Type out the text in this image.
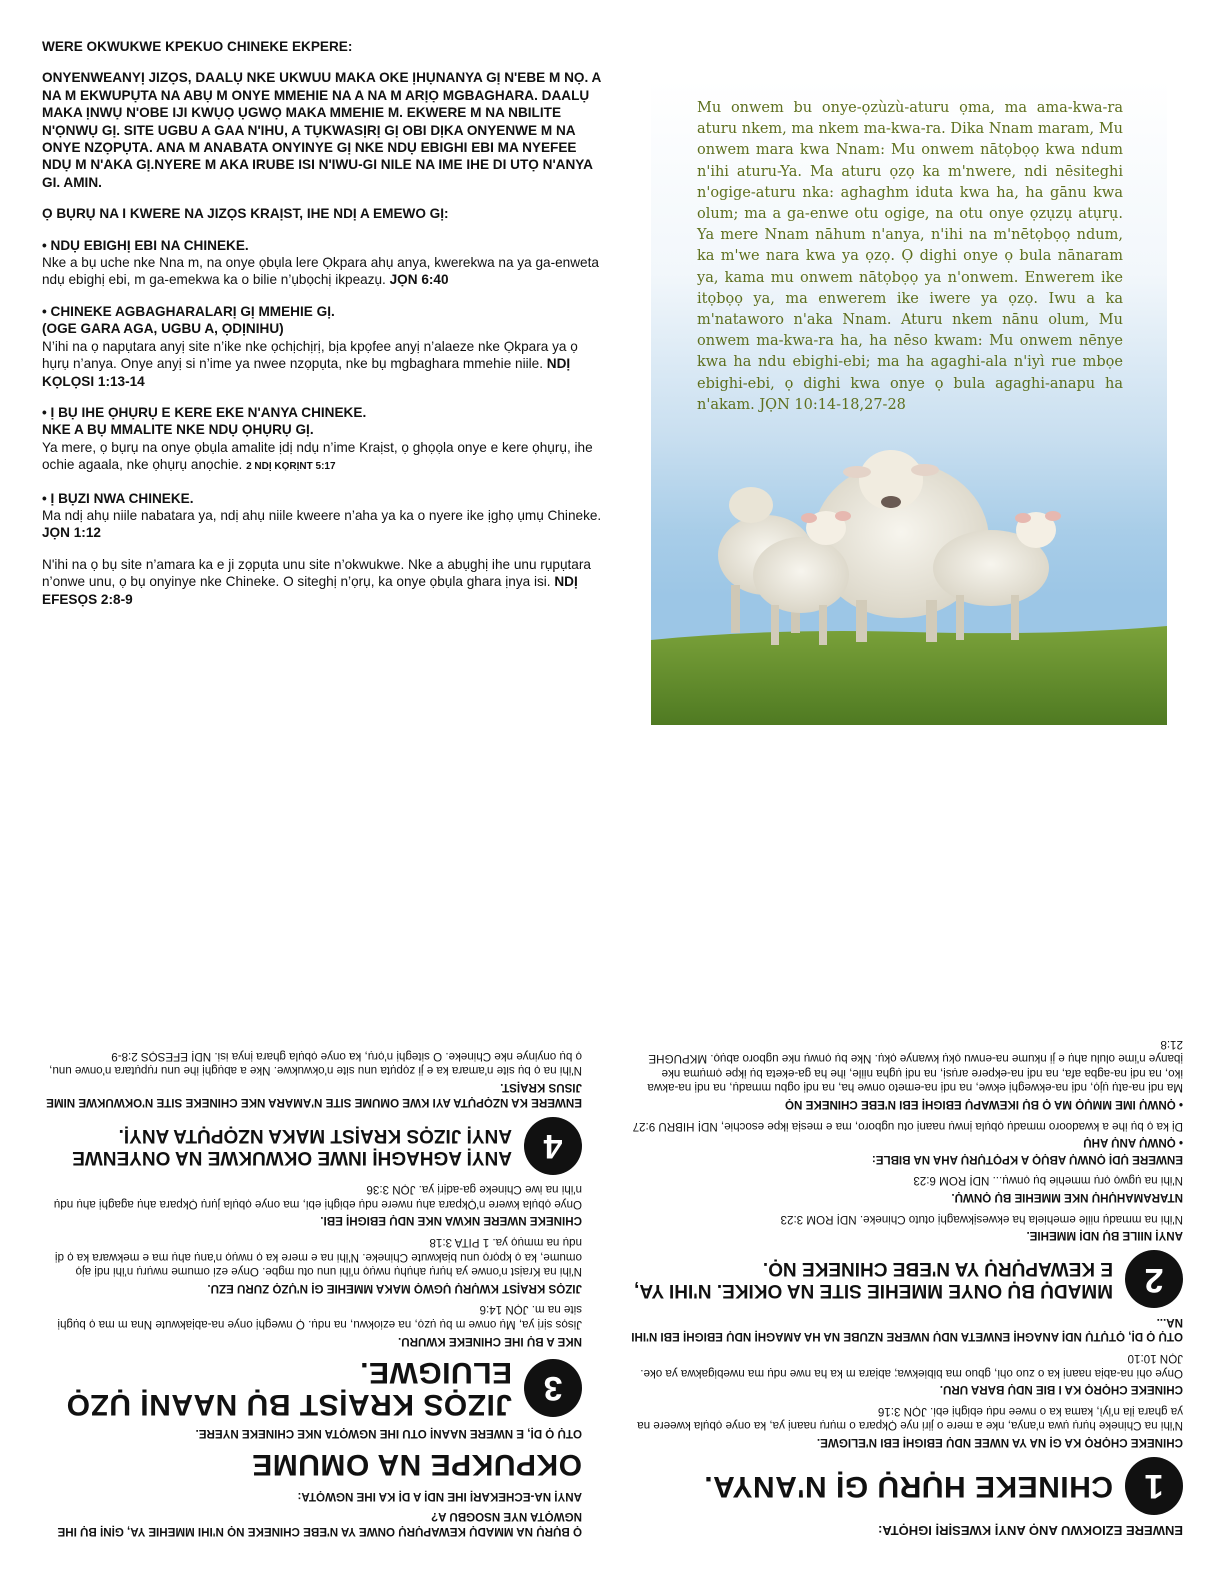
WERE OKWUKWE KPEKUO CHINEKE EKPERE:

ONYENWEANYỊ JIZỌS, DAALỤ NKE UKWUU MAKA OKE ỊHỤNANYA GỊ N'EBE M NỌ. A NA M EKWUPỤTA NA ABỤ M ONYE MMEHIE NA A NA M ARỊỌ MGBAGHARA. DAALỤ MAKA ỊNWỤ N'OBE IJI KWỤỌ ỤGWỌ MAKA MMEHIE M. EKWERE M NA NBILITE N'ỌNWỤ GỊ. SITE UGBU A GAA N'IHU, A TỤKWASỊRỊ GỊ OBI DỊKA ONYENWE M NA ONYE NZỌPỤTA. ANA M ANABATA ONYINYE GỊ NKE NDỤ EBIGHI EBI MA NYEFEE NDỤ M N'AKA GỊ.NYERE M AKA IRUBE ISI N'IWU-GI NILE NA IME IHE DI UTỌ N'ANYA GI. AMIN.

Ọ BỤRỤ NA I KWERE NA JIZỌS KRAỊST, IHE NDỊ A EMEWO GỊ:

• NDỤ EBIGHỊ EBI NA CHINEKE.
Nke a bụ uche nke Nna m, na onye ọbụla lere Ọkpara ahụ anya, kwerekwa na ya ga-enweta ndụ ebighị ebi, m ga-emekwa ka o bilie n’ụbọchị ikpeazụ. JỌN 6:40
• CHINEKE AGBAGHARALARỊ GỊ MMEHIE GỊ.
(OGE GARA AGA, UGBU A, ỌDỊNIHU)
N’ihi na ọ napụtara anyị site n’ike nke ọchịchịrị, bịa kpọfee anyị n’alaeze nke Ọkpara ya ọ hụrụ n’anya. Onye anyị si n’ime ya nwee nzọpụta, nke bụ mgbaghara mmehie niile. NDỊ KỌLỌSI 1:13-14
• Ị BỤ IHE ỌHỤRỤ E KERE EKE N'ANYA CHINEKE.
NKE A BỤ MMALITE NKE NDỤ ỌHỤRỤ GỊ.
Ya mere, ọ bụrụ na onye ọbụla amalite ịdị ndụ n’ime Kraịst, ọ ghọọla onye e kere ọhụrụ, ihe ochie agaala, nke ọhụrụ anọchie. 2 NDỊ KỌRỊNT 5:17
• Ị BỤZI NWA CHINEKE.
Ma ndị ahụ niile nabatara ya, ndị ahụ niile kweere n’aha ya ka o nyere ike ịghọ ụmụ Chineke. JỌN 1:12
N'ihi na ọ bụ site n’amara ka e ji zọpụta unu site n’okwukwe. Nke a abụghị ihe unu rụpụtara n’onwe unu, ọ bụ onyinye nke Chineke. O siteghị n’ọrụ, ka onye ọbụla ghara ịnya isi. NDỊ EFESỌS 2:8-9
Mu onwem bu onye-ọzùzù-aturu ọma, ma ama-kwa-ra aturu nkem, ma nkem ma-kwa-ra. Dika Nnam maram, Mu onwem mara kwa Nnam: Mu onwem nātọbọọ kwa ndum n'ihi aturu-Ya. Ma aturu ọzọ ka m'nwere, ndi nēsiteghi n'ogige-aturu nka: aghaghm iduta kwa ha, ha gānu kwa olum; ma a ga-enwe otu ogige, na otu onye ọzụzụ atụrụ. Ya mere Nnam nāhum n'anya, n'ihi na m'nētọbọọ ndum, ka m'we nara kwa ya ọzọ. Ọ dighi onye ọ bula nānaram ya, kama mu onwem nātọbọọ ya n'onwem. Enwerem ike itọbọọ ya, ma enwerem ike iwere ya ọzọ. Iwu a ka m'nataworo n'aka Nnam. Aturu nkem nānu olum, Mu onwem ma-kwa-ra ha, ha nēso kwam: Mu onwem nēnye kwa ha ndu ebighi-ebi; ma ha agaghi-ala n'iyì rue mbọe ebighi-ebi, ọ dighi kwa onye ọ bula agaghi-anapu ha n'akam. JỌN 10:14-18,27-28
ENWERE EZIOKWU ANỌ ANYỊ KWESỊRỊ IGHỌTA:
1
CHINEKE HỤRỤ GỊ N'ANYA.

CHINEKE CHỌRỌ KA GỊ NA YA NWEE NDỤ EBIGHỊ EBI N'ELIGWE.

N'ihi na Chineke hụrụ ụwa n'anya, nke a mere o jiri nye Ọkpara o mụrụ naanị ya, ka onye ọbụla kweere na ya ghara ịla n'iyì, kama ka o nwee ndụ ebighị ebi. JỌN 3:16

CHINEKE CHỌRỌ KA I BIE NDỤ BARA URU.

Onye ohi na-abịa naanị ka o zuo ohi, gbuo ma bibiekwa; abịara m ka ha nwe ndụ ma nwebigakwa ya oke. JỌN 10:10

OTỤ Ọ DỊ, ỌTỤTỤ NDỊ ANAGHỊ ENWETA NDỤ NWERE NZUBE NA HA AMAGHỊ NDỤ EBIGHỊ EBI N'IHI NA...

2
MMADỤ BỤ ONYE MMEHIE SITE NA OKIKE. N'IHI YA, E KEWAPỤRỤ YA N'EBE CHINEKE NỌ.

ANYỊ NIILE BỤ NDỊ MMEHIE.

N'ihi na mmadụ niile emehiela ha ekwesịkwaghị otuto Chineke. NDỊ ROM 3:23

NTARAMAHỤHỤ NKE MMEHIE BỤ ỌNWỤ.

N'ihi na ụgwọ ọrụ mmehie bụ ọnwụ... NDỊ ROM 6:23

ENWERE ỤDỊ ỌNWỤ ABỤỌ A KPỌTỤRỤ AHA NA BIBLE:

• ỌNWỤ ANỤ AHỤ

Dị ka ọ bụ ihe a kwadooro mmadụ ọbụla ịnwụ naanị otu ugboro, ma e mesịa ikpe esochie, NDỊ HIBRU 9:27

• ỌNWỤ IME MMỤỌ MA Ọ BỤ IKEWAPỤ EBIGHỊ EBI N'EBE CHINEKE NỌ

Ma ndị na-atụ ụjọ, ndị na-ekweghị ekwe, na ndị na-emeto onwe ha, na ndị ogbu mmadụ, na ndị na-akwa iko, na ndị na-agba afa, na ndị na-ekpere arụsị, na ndị ụgha niile, ihe ha ga-eketa bụ ikpe ọmụma nke ịbanye n'ime olulu ahụ e ji nkume na-enwu ọkụ kwanye ọkụ. Nke bụ ọnwụ nke ugboro abụọ. MKPUGHE 21:8

Ọ BỤRỤ NA MMADỤ KEWAPỤRỤ ONWE YA N'EBE CHINEKE NỌ N'IHI MMEHIE YA, GỊNỊ BỤ IHE NGWỌTA NYE NSOGBU A?

ANYỊ NA-ECHEKARỊ IHE NDỊ A DỊ KA IHE NGWỌTA:

OKPUKPE NA OMUME

OTỤ Ọ DỊ, E NWERE NAANỊ OTU IHE NGWỌTA NKE CHINEKE NYERE.

3
JIZỌS KRAỊST BỤ NAANỊ ỤZỌ ELUIGWE.

NKE A BỤ IHE CHINEKE KWURU.

Jisọs sịrị ya, Mụ onwe m bụ ụzọ, na eziokwu, na ndụ. Ọ nweghị onye na-abịakwute Nna m ma ọ bụghị site na m. JỌN 14:6

JIZỌS KRAỊST KWỤRỤ ỤGWỌ MAKA MMEHIE GỊ N'ỤZỌ ZURU EZU.

N'ihi na Kraịst n'onwe ya hụrụ ahụhụ nwụọ n'ihi unu otu mgbe. Onye ezi omume nwụrụ n'ihi ndị ajọ omume, ka ọ kpọrọ unu bịakwute Chineke. N'ihi na e mere ka ọ nwụọ n'anụ ahụ ma e mekwara ka ọ dị ndụ na mmụọ ya. 1 PITA 3:18

CHINEKE NWERE NKWA NKE NDỤ EBIGHỊ EBI.

Onye ọbụla kwere n'Ọkpara ahụ nwere ndụ ebighị ebi, ma onye ọbụla jụrụ Ọkpara ahụ agaghị ahụ ndụ n'ihi na iwe Chineke ga-adịrị ya. JỌN 3:36

4
ANYỊ AGHAGHỊ INWE OKWUKWE NA ONYENWE ANYỊ JIZỌS KRAỊST MAKA NZỌPỤTA ANYỊ.

ENWERE KA NZỌPỤTA AYI KWE OMUME SITE N'AMARA NKE CHINEKE SITE N'OKWUKWE NIME JISUS KRAỊST.

N'ihi na ọ bụ site n'amara ka e ji zọpụta unu site n'okwukwe. Nke a abụghị ihe unu rụpụtara n'onwe unu, ọ bụ onyinye nke Chineke. O siteghị n'ọrụ, ka onye ọbụla ghara ịnya isi. NDỊ EFESỌS 2:8-9
